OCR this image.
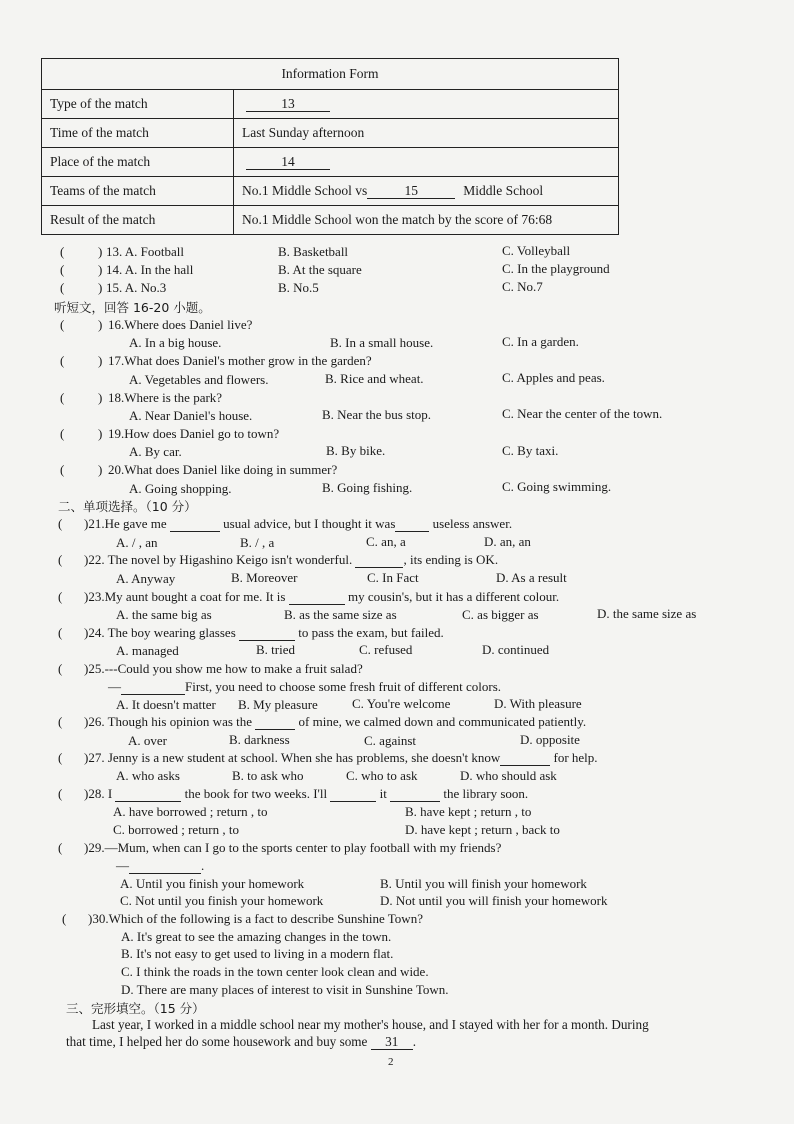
Information Form	
Type of the match	13
Time of the match	Last Sunday afternoon
Place of the match	14
Teams of the match	No.1 Middle School vs 15 Middle School
Result of the match	No.1 Middle School won the match by the score of 76:68
(	) 13. A. Football	B. Basketball	C. Volleyball
(	) 14. A. In the hall	B. At the square	C. In the playground
(	) 15. A. No.3	B. No.5	C. No.7
听短文，回答 16-20 小题。
(	) 16.Where does Daniel live?
A. In a big house.	B. In a small house.	C. In a garden.
(	) 17.What does Daniel's mother grow in the garden?
A. Vegetables and flowers.	B. Rice and wheat.	C. Apples and peas.
(	) 18.Where is the park?
A. Near Daniel's house.	B. Near the bus stop.	C. Near the center of the town.
(	) 19.How does Daniel go to town?
A. By car.	B. By bike.	C. By taxi.
(	) 20.What does Daniel like doing in summer?
A. Going shopping.	B. Going fishing.	C. Going swimming.
二、单项选择。（10 分）
( )21.He gave me	usual advice, but I thought it was	useless answer.
A. / , an	B. / , a	C. an, a	D. an, an
( )22. The novel by Higashino Keigo isn't wonderful.	, its ending is OK.
A. Anyway	B. Moreover	C. In Fact	D. As a result
( )23.My aunt bought a coat for me. It is	my cousin's, but it has a different colour.
A. the same big as	B. as the same size as	C. as bigger as	D. the same size as
( )24. The boy wearing glasses	to pass the exam, but failed.
A. managed	B. tried	C. refused	D. continued
( )25.---Could you show me how to make a fruit salad?
—	First, you need to choose some fresh fruit of different colors.
A. It doesn't matter B. My pleasure	C. You're welcome	D. With pleasure
( )26. Though his opinion was the	of mine, we calmed down and communicated patiently.
A. over	B. darkness	C. against	D. opposite
( )27. Jenny is a new student at school. When she has problems, she doesn't know	for help.
A. who asks	B. to ask who	C. who to ask	D. who should ask
( )28. I	the book for two weeks. I'll	it	the library soon.
A. have borrowed ; return , to	B. have kept ; return , to
C. borrowed ; return , to	D. have kept ; return , back to
( )29.—Mum, when can I go to the sports center to play football with my friends?
—	.
A. Until you finish your homework	B. Until you will finish your homework
C. Not until you finish your homework	D. Not until you will finish your homework
( )30.Which of the following is a fact to describe Sunshine Town?
A. It's great to see the amazing changes in the town.
B. It's not easy to get used to living in a modern flat.
C. I think the roads in the town center look clean and wide.
D. There are many places of interest to visit in Sunshine Town.
三、完形填空。（15 分）
Last year, I worked in a middle school near my mother's house, and I stayed with her for a month. During
that time, I helped her do some housework and buy some 31 .
2
